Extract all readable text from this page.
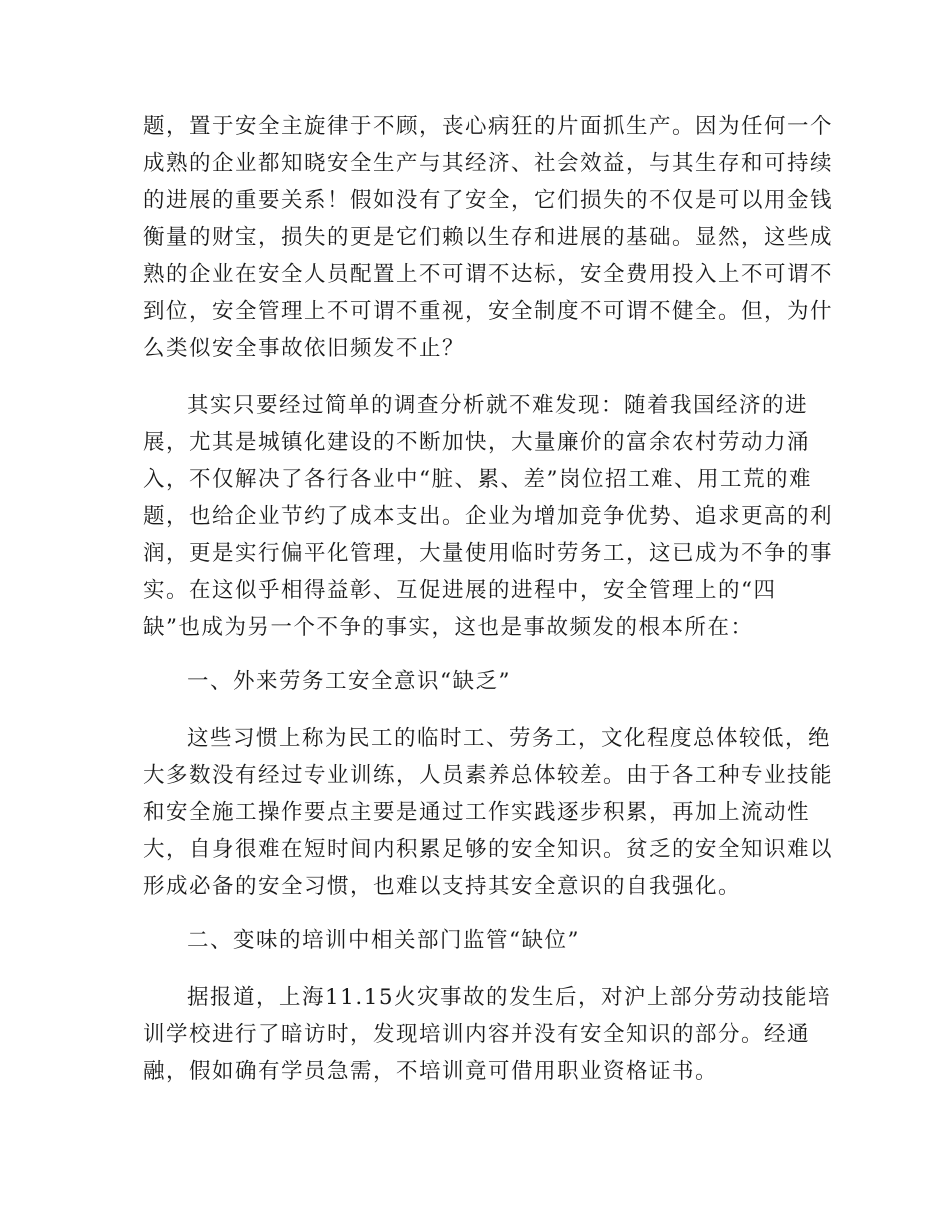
题，置于安全主旋律于不顾，丧心病狂的片面抓生产。因为任何一个
成熟的企业都知晓安全生产与其经济、社会效益，与其生存和可持续
的进展的重要关系！假如没有了安全，它们损失的不仅是可以用金钱
衡量的财宝，损失的更是它们赖以生存和进展的基础。显然，这些成
熟的企业在安全人员配置上不可谓不达标，安全费用投入上不可谓不
到位，安全管理上不可谓不重视，安全制度不可谓不健全。但，为什
么类似安全事故依旧频发不止？

其实只要经过简单的调查分析就不难发现：随着我国经济的进
展，尤其是城镇化建设的不断加快，大量廉价的富余农村劳动力涌
入，不仅解决了各行各业中“脏、累、差”岗位招工难、用工荒的难
题，也给企业节约了成本支出。企业为增加竞争优势、追求更高的利
润，更是实行偏平化管理，大量使用临时劳务工，这已成为不争的事
实。在这似乎相得益彰、互促进展的进程中，安全管理上的“四
缺”也成为另一个不争的事实，这也是事故频发的根本所在：

一、外来劳务工安全意识“缺乏”

这些习惯上称为民工的临时工、劳务工，文化程度总体较低，绝
大多数没有经过专业训练，人员素养总体较差。由于各工种专业技能
和安全施工操作要点主要是通过工作实践逐步积累，再加上流动性
大，自身很难在短时间内积累足够的安全知识。贫乏的安全知识难以
形成必备的安全习惯，也难以支持其安全意识的自我强化。

二、变味的培训中相关部门监管“缺位”

据报道，上海11.15火灾事故的发生后，对沪上部分劳动技能培
训学校进行了暗访时，发现培训内容并没有安全知识的部分。经通
融，假如确有学员急需，不培训竟可借用职业资格证书。
